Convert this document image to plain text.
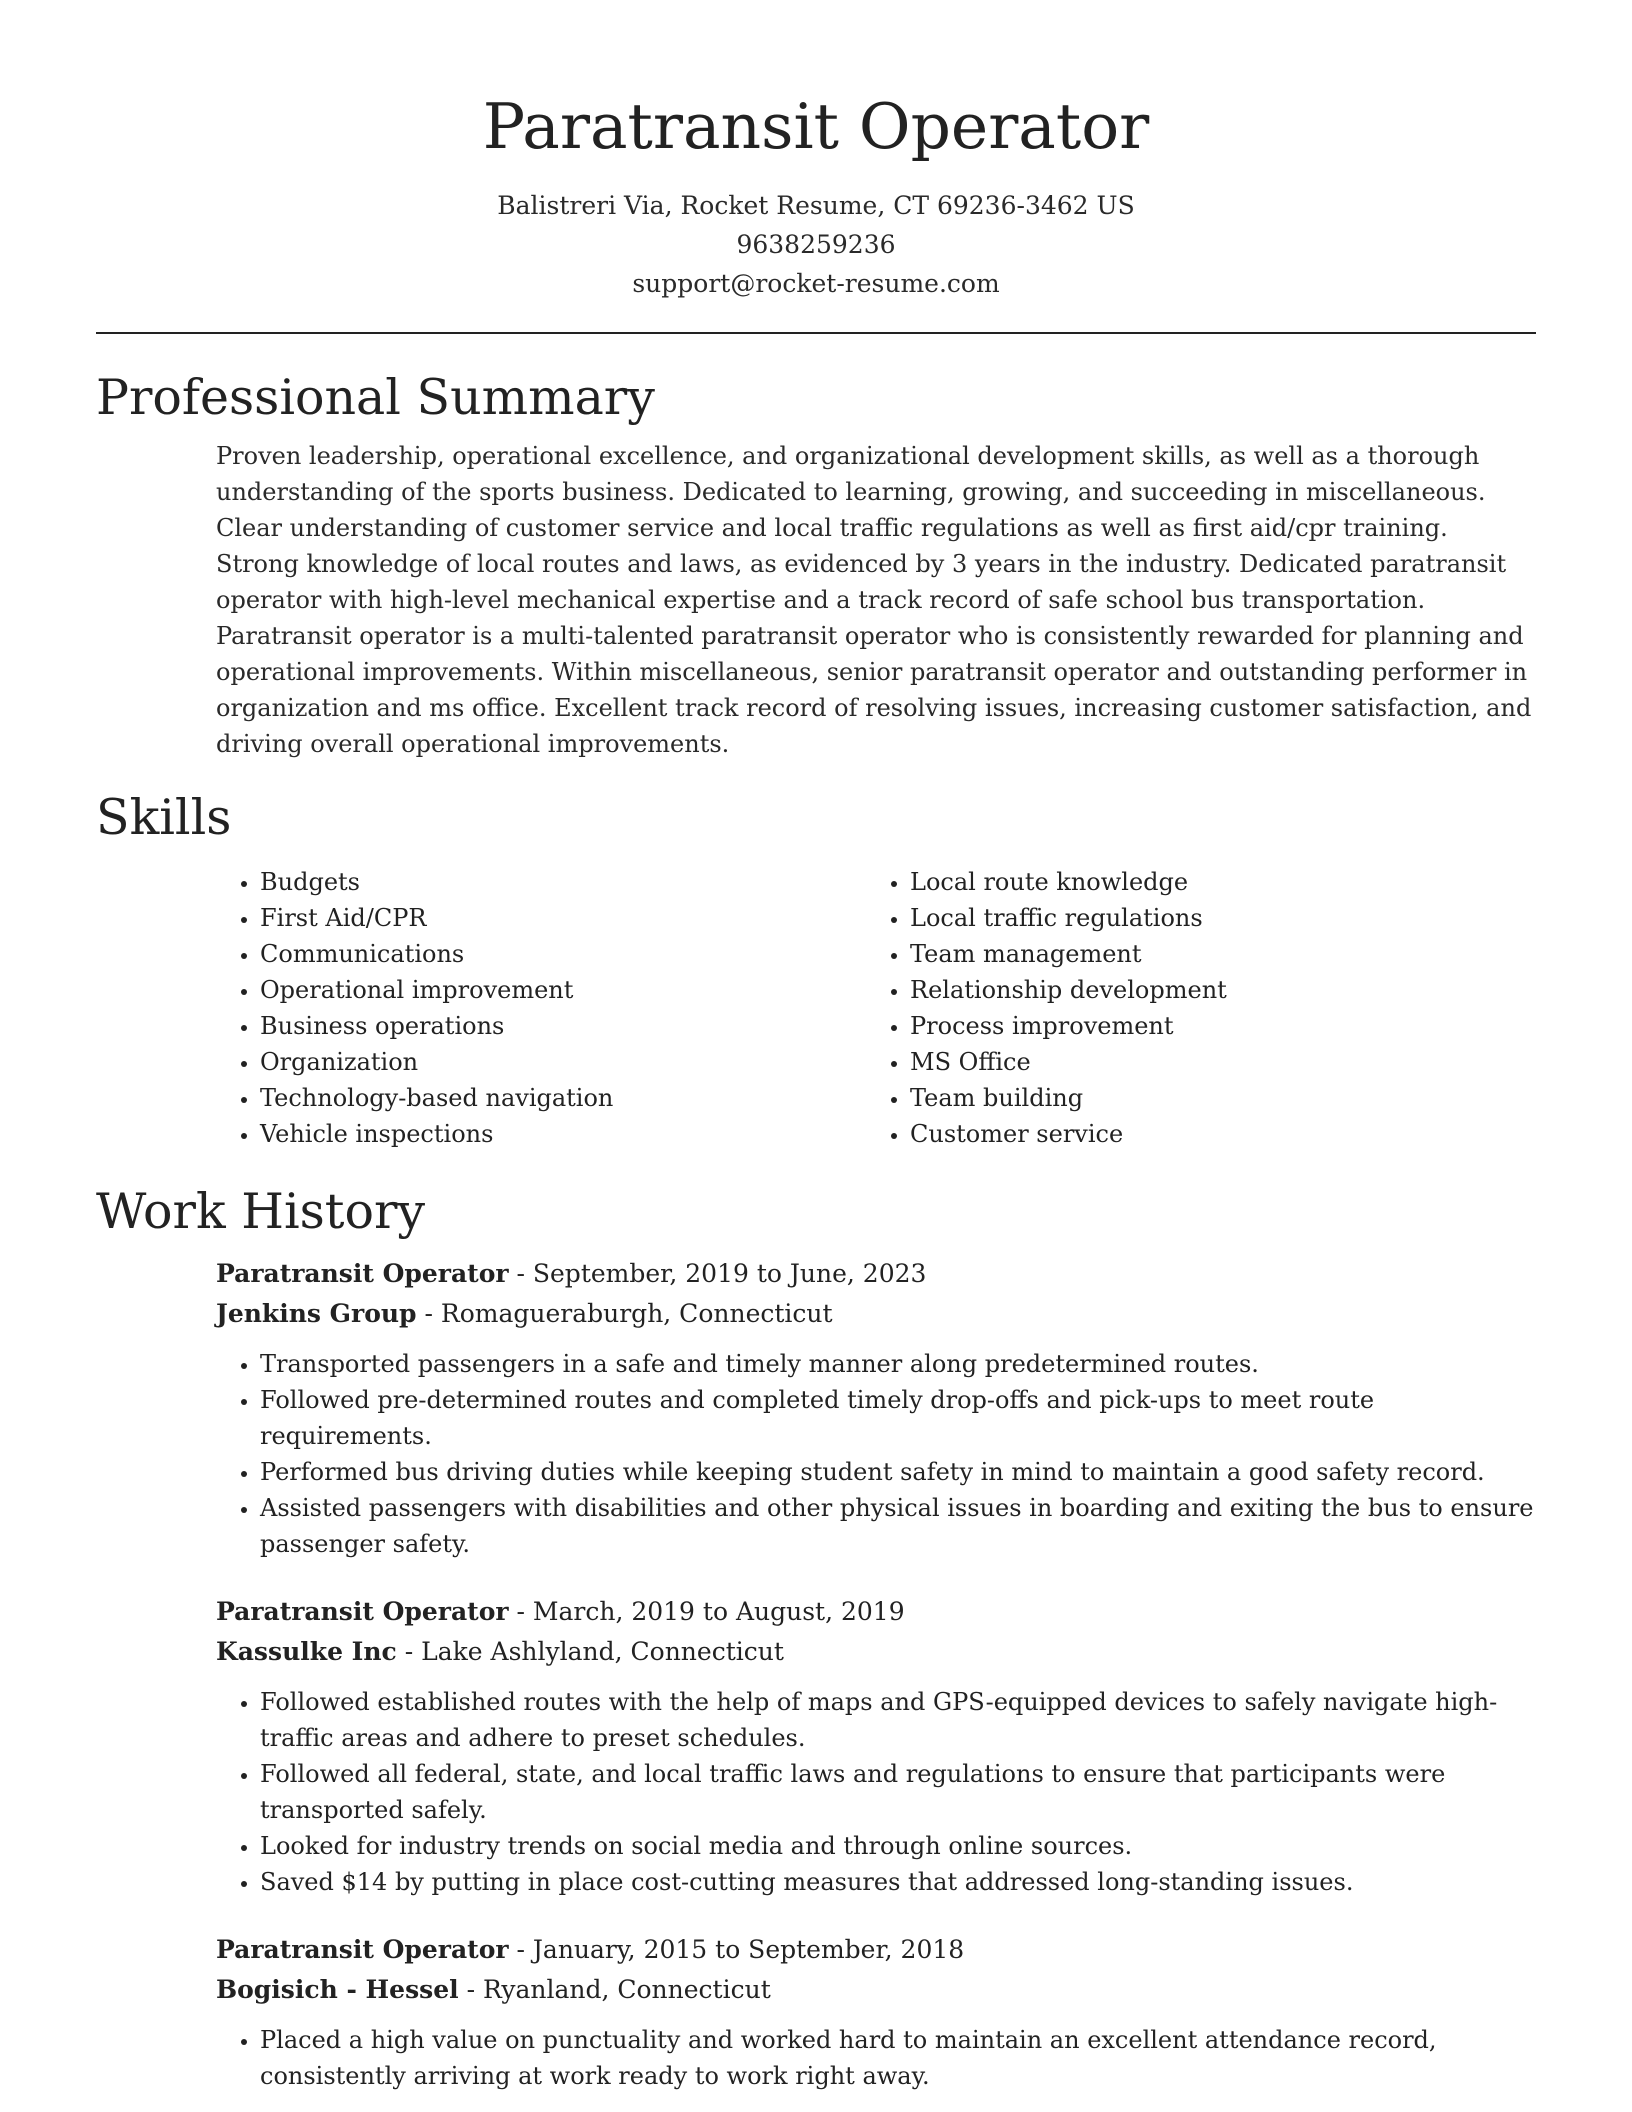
Paratransit Operator
Balistreri Via, Rocket Resume, CT 69236-3462 US
9638259236
support@rocket-resume.com
Professional Summary

Proven leadership, operational excellence, and organizational development skills, as well as a thorough understanding of the sports business. Dedicated to learning, growing, and succeeding in miscellaneous. Clear understanding of customer service and local traffic regulations as well as first aid/cpr training. Strong knowledge of local routes and laws, as evidenced by 3 years in the industry. Dedicated paratransit operator with high-level mechanical expertise and a track record of safe school bus transportation. Paratransit operator is a multi-talented paratransit operator who is consistently rewarded for planning and operational improvements. Within miscellaneous, senior paratransit operator and outstanding performer in organization and ms office. Excellent track record of resolving issues, increasing customer satisfaction, and driving overall operational improvements.

Skills
• Budgets
• First Aid/CPR
• Communications
• Operational improvement
• Business operations
• Organization
• Technology-based navigation
• Vehicle inspections
• Local route knowledge
• Local traffic regulations
• Team management
• Relationship development
• Process improvement
• MS Office
• Team building
• Customer service
Work History
Paratransit Operator - September, 2019 to June, 2023
Jenkins Group - Romagueraburgh, Connecticut
• Transported passengers in a safe and timely manner along predetermined routes.
• Followed pre-determined routes and completed timely drop-offs and pick-ups to meet route requirements.
• Performed bus driving duties while keeping student safety in mind to maintain a good safety record.
• Assisted passengers with disabilities and other physical issues in boarding and exiting the bus to ensure passenger safety.
Paratransit Operator - March, 2019 to August, 2019
Kassulke Inc - Lake Ashlyland, Connecticut
• Followed established routes with the help of maps and GPS-equipped devices to safely navigate high-traffic areas and adhere to preset schedules.
• Followed all federal, state, and local traffic laws and regulations to ensure that participants were transported safely.
• Looked for industry trends on social media and through online sources.
• Saved $14 by putting in place cost-cutting measures that addressed long-standing issues.
Paratransit Operator - January, 2015 to September, 2018
Bogisich - Hessel - Ryanland, Connecticut
• Placed a high value on punctuality and worked hard to maintain an excellent attendance record, consistently arriving at work ready to work right away.
